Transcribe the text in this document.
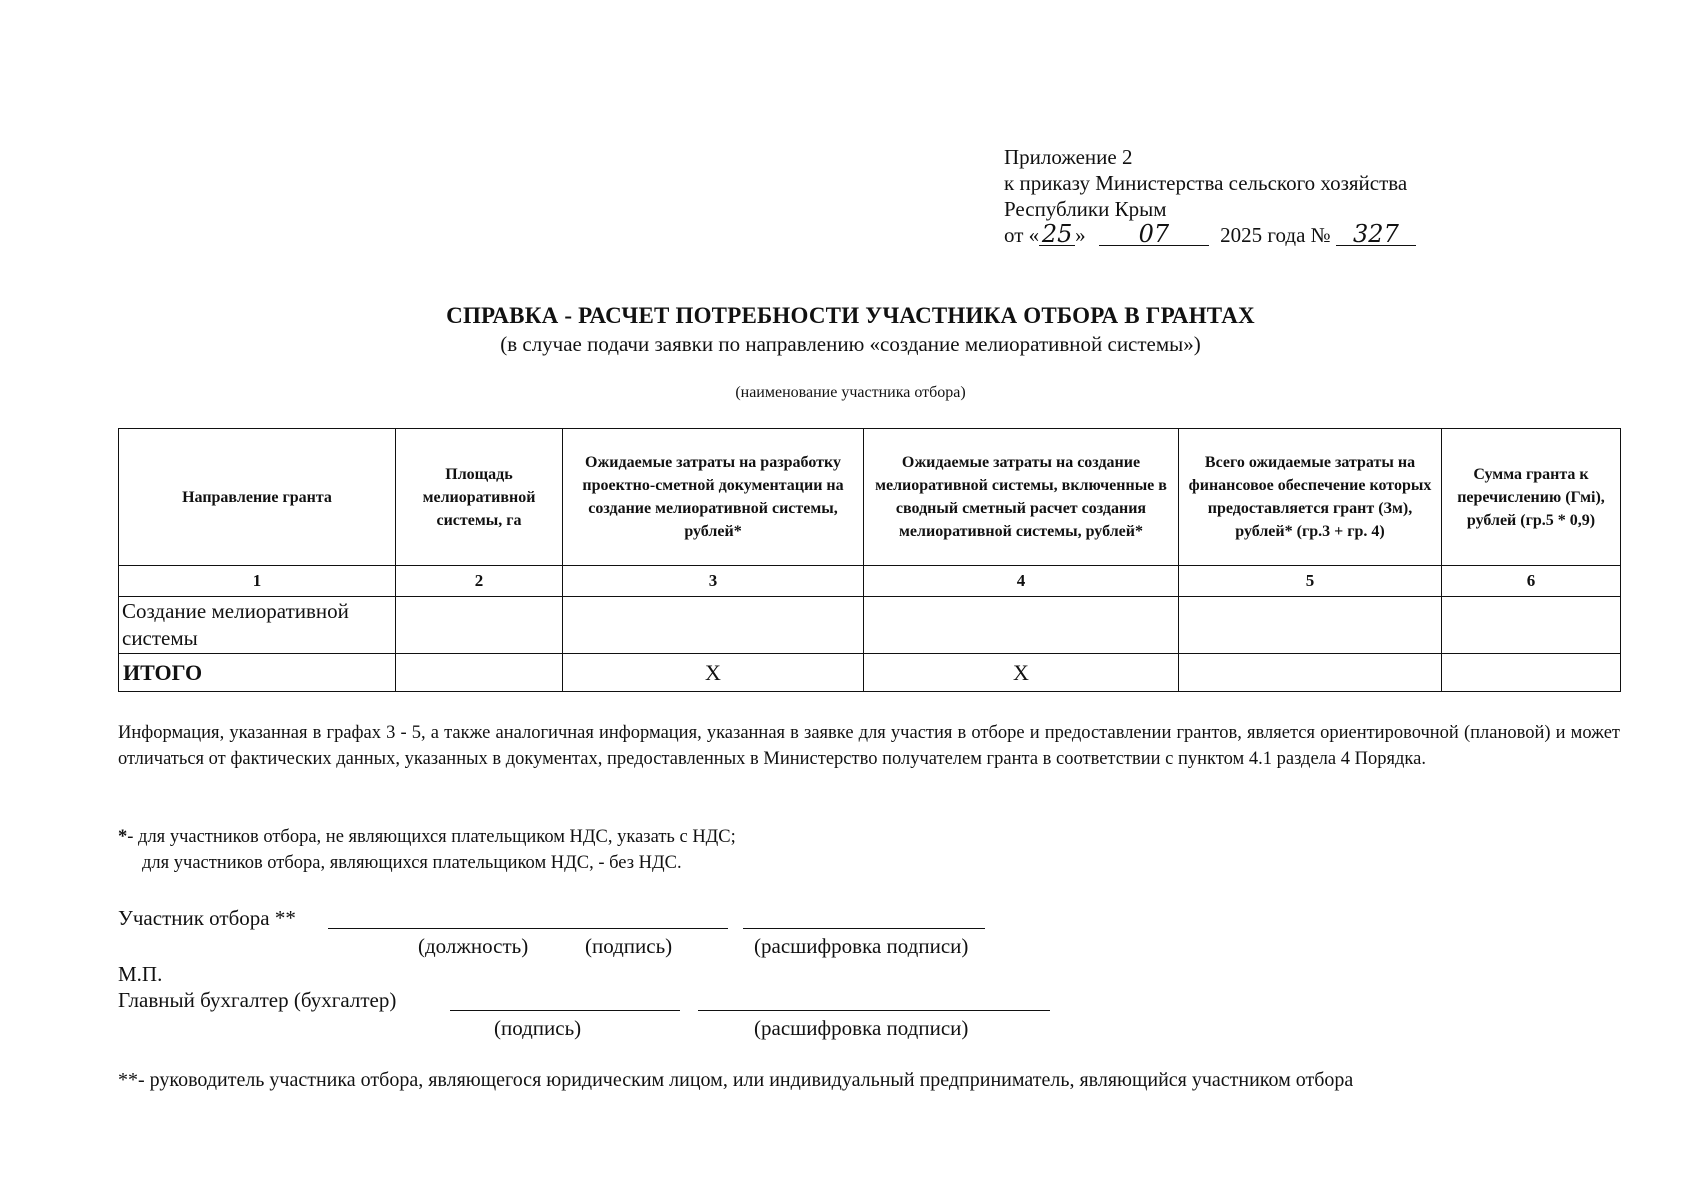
Приложение 2
к приказу Министерства сельского хозяйства
Республики Крым
от « 25 » 07 2025 года № 327
СПРАВКА - РАСЧЕТ ПОТРЕБНОСТИ УЧАСТНИКА ОТБОРА В ГРАНТАХ
(в случае подачи заявки по направлению «создание мелиоративной системы»)
(наименование участника отбора)
Направление гранта	Площадь мелиоративной системы, га	Ожидаемые затраты на разработку проектно-сметной документации на создание мелиоративной системы, рублей*	Ожидаемые затраты на создание мелиоративной системы, включенные в сводный сметный расчет создания мелиоративной системы, рублей*	Всего ожидаемые затраты на финансовое обеспечение которых предоставляется грант (Зм), рублей* (гр.3 + гр. 4)	Сумма гранта к перечислению (Гмi), рублей (гр.5 * 0,9)
1	2	3	4	5	6
Создание мелиоративной системы					
ИТОГО		Х	Х		
Информация, указанная в графах 3 - 5, а также аналогичная информация, указанная в заявке для участия в отборе и предоставлении грантов, является ориентировочной (плановой) и может отличаться от фактических данных, указанных в документах, предоставленных в Министерство получателем гранта в соответствии с пунктом 4.1 раздела 4 Порядка.
*- для участников отбора, не являющихся плательщиком НДС, указать с НДС;
для участников отбора, являющихся плательщиком НДС, - без НДС.
Участник отбора **
(должность)	(подпись)	(расшифровка подписи)
М.П.
Главный бухгалтер (бухгалтер)
(подпись)	(расшифровка подписи)
**- руководитель участника отбора, являющегося юридическим лицом, или индивидуальный предприниматель, являющийся участником отбора
